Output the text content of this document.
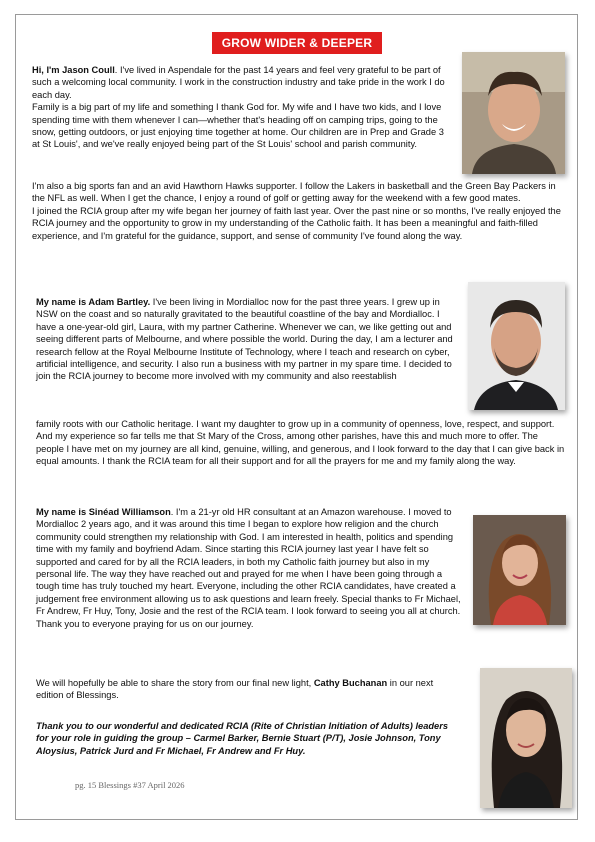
GROW WIDER & DEEPER

Hi, I'm Jason Coull. I've lived in Aspendale for the past 14 years and feel very grateful to be part of such a welcoming local community. I work in the construction industry and take pride in the work I do each day.

Family is a big part of my life and something I thank God for. My wife and I have two kids, and I love spending time with them whenever I can—whether that's heading off on camping trips, going to the snow, getting outdoors, or just enjoying time together at home. Our children are in Prep and Grade 3 at St Louis', and we've really enjoyed being part of the St Louis' school and parish community.

I'm also a big sports fan and an avid Hawthorn Hawks supporter. I follow the Lakers in basketball and the Green Bay Packers in the NFL as well. When I get the chance, I enjoy a round of golf or getting away for the weekend with a few good mates.

I joined the RCIA group after my wife began her journey of faith last year. Over the past nine or so months, I've really enjoyed the RCIA journey and the opportunity to grow in my understanding of the Catholic faith. It has been a meaningful and faith-filled experience, and I'm grateful for the guidance, support, and sense of community I've found along the way.

My name is Adam Bartley. I've been living in Mordialloc now for the past three years. I grew up in NSW on the coast and so naturally gravitated to the beautiful coastline of the bay and Mordialloc. I have a one-year-old girl, Laura, with my partner Catherine. Whenever we can, we like getting out and seeing different parts of Melbourne, and where possible the world. During the day, I am a lecturer and research fellow at the Royal Melbourne Institute of Technology, where I teach and research on cyber, artificial intelligence, and security. I also run a business with my partner in my spare time. I decided to join the RCIA journey to become more involved with my community and also reestablish

family roots with our Catholic heritage. I want my daughter to grow up in a community of openness, love, respect, and support. And my experience so far tells me that St Mary of the Cross, among other parishes, have this and much more to offer. The people I have met on my journey are all kind, genuine, willing, and generous, and I look forward to the day that I can give back in equal amounts. I thank the RCIA team for all their support and for all the prayers for me and my family along the way.

My name is Sinéad Williamson. I'm a 21-yr old HR consultant at an Amazon warehouse. I moved to Mordialloc 2 years ago, and it was around this time I began to explore how religion and the church community could strengthen my relationship with God. I am interested in health, politics and spending time with my family and boyfriend Adam. Since starting this RCIA journey last year I have felt so supported and cared for by all the RCIA leaders, in both my Catholic faith journey but also in my personal life. The way they have reached out and prayed for me when I have been going through a tough time has truly touched my heart. Everyone, including the other RCIA candidates, have created a judgement free environment allowing us to ask questions and learn freely. Special thanks to Fr Michael, Fr Andrew, Fr Huy, Tony, Josie and the rest of the RCIA team. I look forward to seeing you all at church. Thank you to everyone praying for us on our journey.

We will hopefully be able to share the story from our final new light, Cathy Buchanan in our next edition of Blessings.

Thank you to our wonderful and dedicated RCIA (Rite of Christian Initiation of Adults) leaders for your role in guiding the group – Carmel Barker, Bernie Stuart (P/T), Josie Johnson, Tony Aloysius, Patrick Jurd and Fr Michael, Fr Andrew and Fr Huy.
pg. 15 Blessings #37 April 2026
